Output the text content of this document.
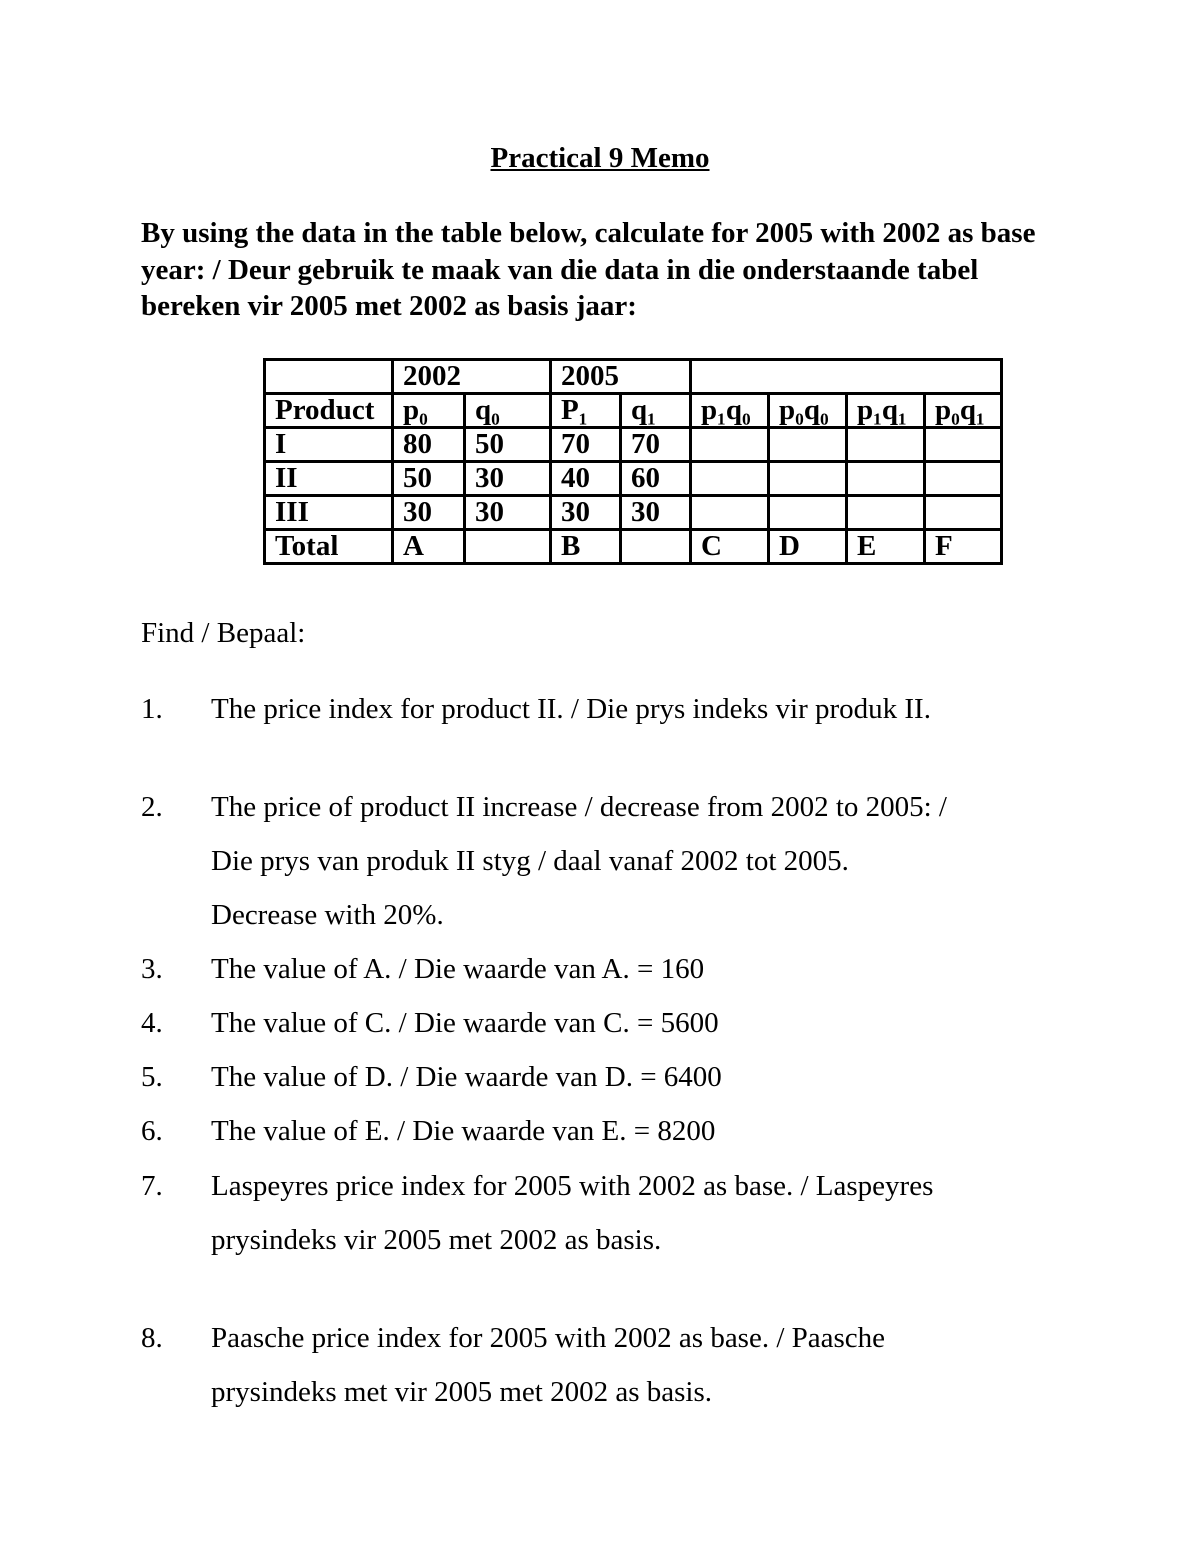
Practical 9 Memo

By using the data in the table below, calculate for 2005 with 2002 as base year: / Deur gebruik te maak van die data in die onderstaande tabel bereken vir 2005 met 2002 as basis jaar:

	2002		2005					
Product	p₀	q₀	P₁	q₁	p₁q₀	p₀q₀	p₁q₁	p₀q₁
I	80	50	70	70				
II	50	30	40	60				
III	30	30	30	30				
Total	A		B		C	D	E	F

Find / Bepaal:

1.	The price index for product II. / Die prys indeks vir produk II.
2.	The price of product II increase / decrease from 2002 to 2005: /
Die prys van produk II styg / daal vanaf 2002 tot 2005.
Decrease with 20%.
3.	The value of A. / Die waarde van A. = 160
4.	The value of C. / Die waarde van C. = 5600
5.	The value of D. / Die waarde van D. = 6400
6.	The value of E. / Die waarde van E. = 8200
7.	Laspeyres price index for 2005 with 2002 as base. / Laspeyres
prysindeks vir 2005 met 2002 as basis.
8.	Paasche price index for 2005 with 2002 as base. / Paasche
prysindeks met vir 2005 met 2002 as basis.
